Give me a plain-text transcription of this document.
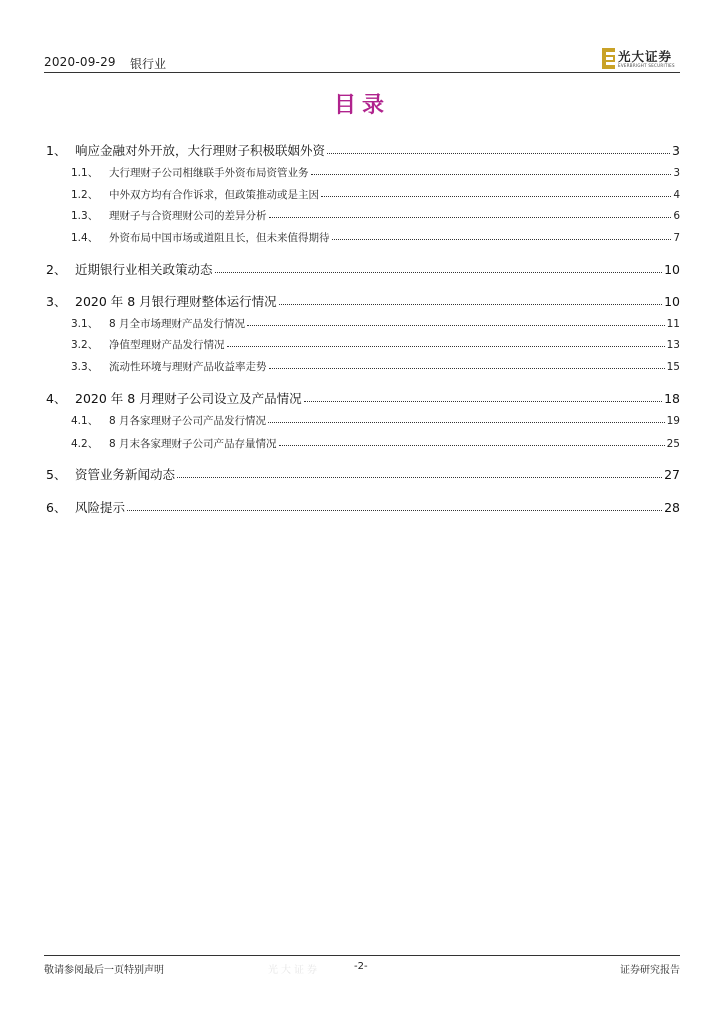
2020-09-29 银行业	光大证券
EVERBRIGHT SECURITIES
目录
1、 响应金融对外开放，大行理财子积极联姻外资	3
1.1、	大行理财子公司相继联手外资布局资管业务	3
1.2、	中外双方均有合作诉求，但政策推动或是主因	4
1.3、	理财子与合资理财公司的差异分析	6
1.4、	外资布局中国市场或道阻且长，但未来值得期待	7
2、 近期银行业相关政策动态	10
3、 2020 年 8 月银行理财整体运行情况	10
3.1、	8 月全市场理财产品发行情况	11
3.2、	净值型理财产品发行情况	13
3.3、	流动性环境与理财产品收益率走势	15
4、 2020 年 8 月理财子公司设立及产品情况	18
4.1、	8 月各家理财子公司产品发行情况	19
4.2、	8 月末各家理财子公司产品存量情况	25
5、 资管业务新闻动态	27
6、 风险提示	28
敬请参阅最后一页特别声明	光大证券	-2-	证券研究报告
